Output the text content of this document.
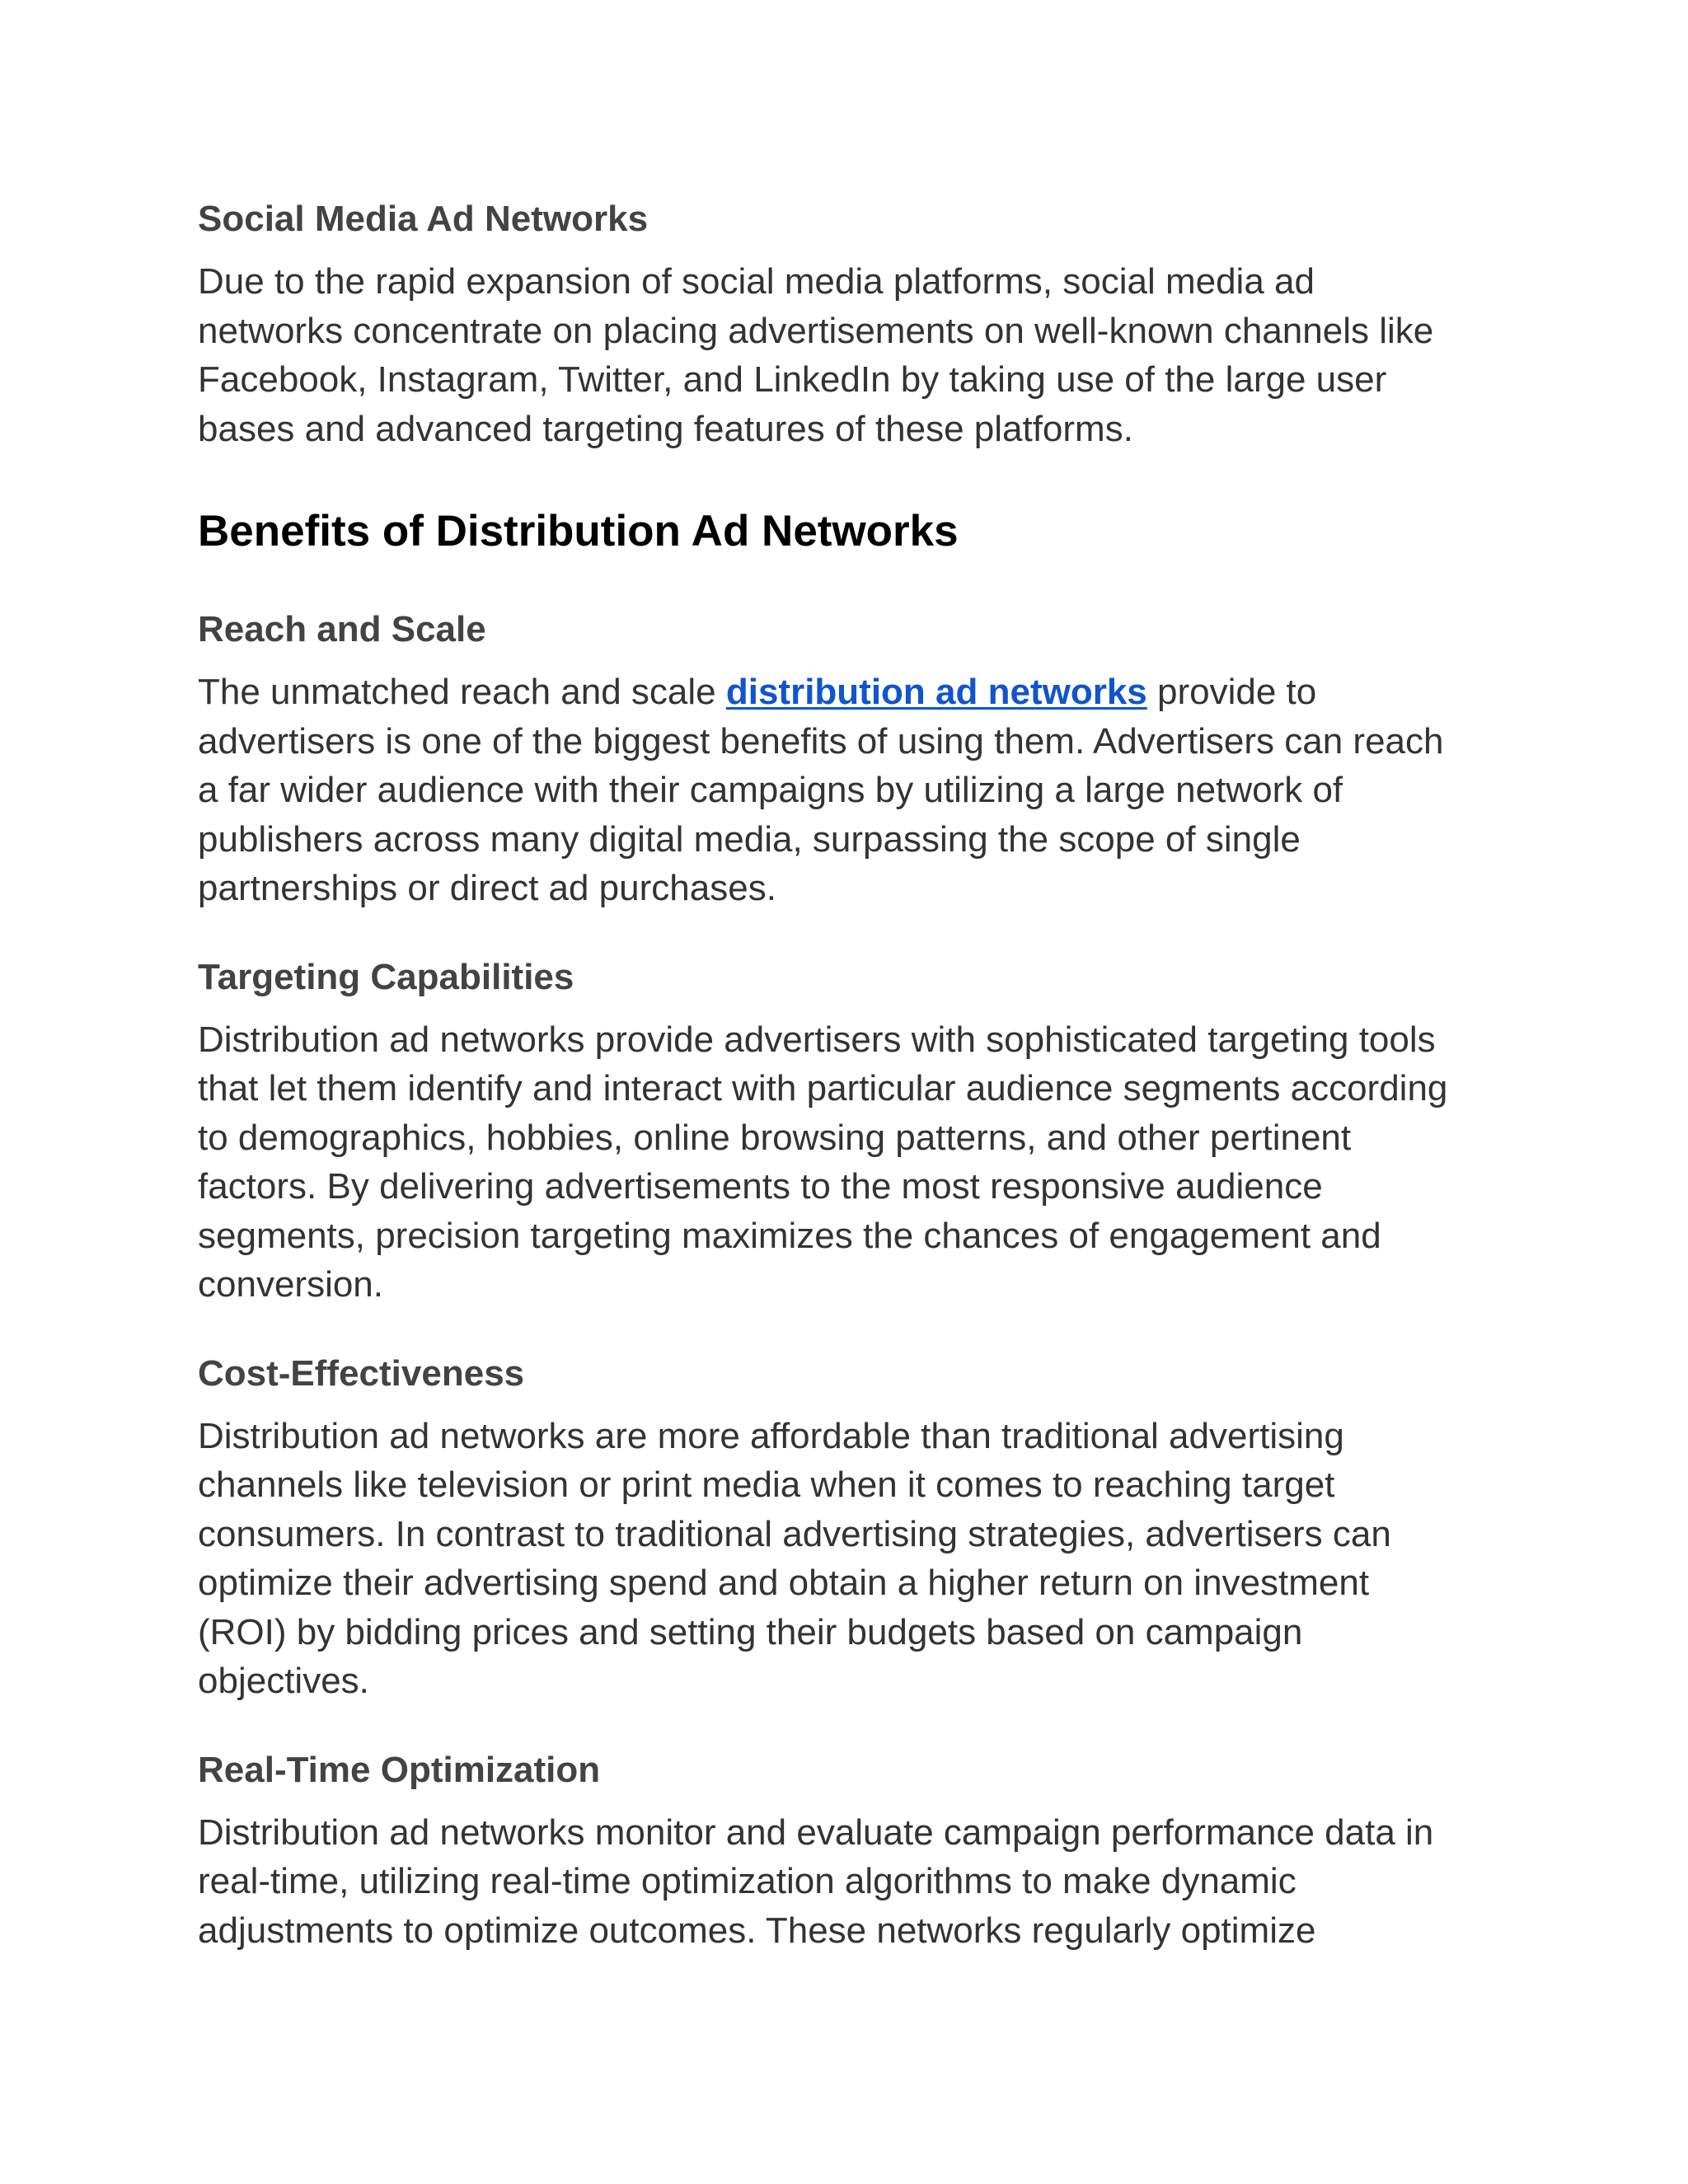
Social Media Ad Networks

Due to the rapid expansion of social media platforms, social media ad
networks concentrate on placing advertisements on well-known channels like
Facebook, Instagram, Twitter, and LinkedIn by taking use of the large user
bases and advanced targeting features of these platforms.

Benefits of Distribution Ad Networks
Reach and Scale

The unmatched reach and scale distribution ad networks provide to
advertisers is one of the biggest benefits of using them. Advertisers can reach
a far wider audience with their campaigns by utilizing a large network of
publishers across many digital media, surpassing the scope of single
partnerships or direct ad purchases.

Targeting Capabilities

Distribution ad networks provide advertisers with sophisticated targeting tools
that let them identify and interact with particular audience segments according
to demographics, hobbies, online browsing patterns, and other pertinent
factors. By delivering advertisements to the most responsive audience
segments, precision targeting maximizes the chances of engagement and
conversion.

Cost-Effectiveness

Distribution ad networks are more affordable than traditional advertising
channels like television or print media when it comes to reaching target
consumers. In contrast to traditional advertising strategies, advertisers can
optimize their advertising spend and obtain a higher return on investment
(ROI) by bidding prices and setting their budgets based on campaign
objectives.

Real-Time Optimization

Distribution ad networks monitor and evaluate campaign performance data in
real-time, utilizing real-time optimization algorithms to make dynamic
adjustments to optimize outcomes. These networks regularly optimize
